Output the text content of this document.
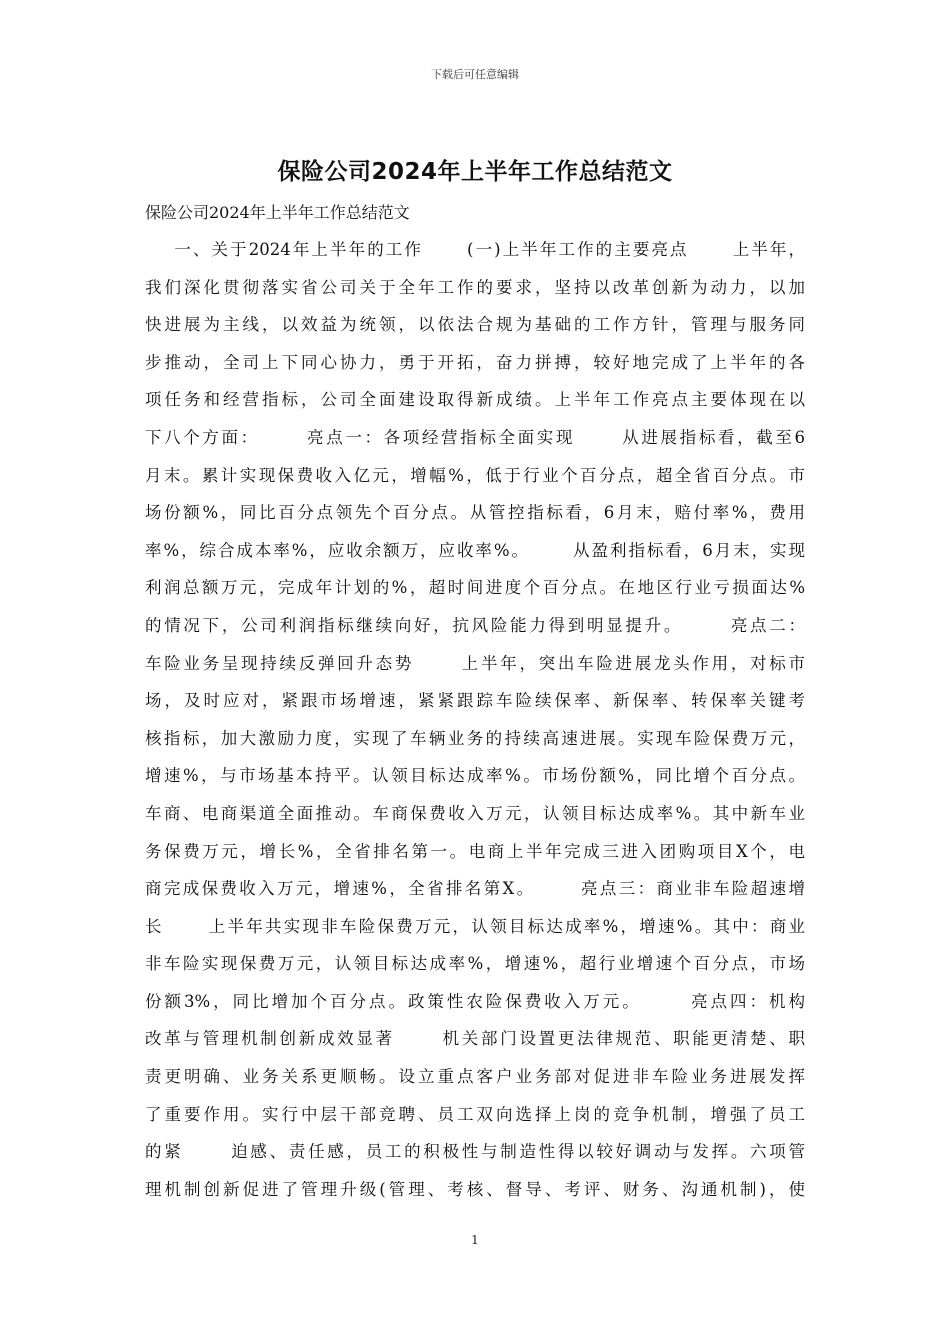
下载后可任意编辑
保险公司2024年上半年工作总结范文
保险公司2024年上半年工作总结范文
一、关于2024年上半年的工作      (一)上半年工作的主要亮点      上半年，
我们深化贯彻落实省公司关于全年工作的要求，坚持以改革创新为动力，以加
快进展为主线，以效益为统领，以依法合规为基础的工作方针，管理与服务同
步推动，全司上下同心协力，勇于开拓，奋力拼搏，较好地完成了上半年的各
项任务和经营指标，公司全面建设取得新成绩。上半年工作亮点主要体现在以
下八个方面：      亮点一：各项经营指标全面实现      从进展指标看，截至6
月末。累计实现保费收入亿元，增幅%，低于行业个百分点，超全省百分点。市
场份额%，同比百分点领先个百分点。从管控指标看，6月末，赔付率%，费用
率%，综合成本率%，应收余额万，应收率%。      从盈利指标看，6月末，实现
利润总额万元，完成年计划的%，超时间进度个百分点。在地区行业亏损面达%
的情况下，公司利润指标继续向好，抗风险能力得到明显提升。      亮点二：
车险业务呈现持续反弹回升态势      上半年，突出车险进展龙头作用，对标市
场，及时应对，紧跟市场增速，紧紧跟踪车险续保率、新保率、转保率关键考
核指标，加大激励力度，实现了车辆业务的持续高速进展。实现车险保费万元，
增速%，与市场基本持平。认领目标达成率%。市场份额%，同比增个百分点。
车商、电商渠道全面推动。车商保费收入万元，认领目标达成率%。其中新车业
务保费万元，增长%，全省排名第一。电商上半年完成三进入团购项目X个，电
商完成保费收入万元，增速%，全省排名第X。      亮点三：商业非车险超速增
长      上半年共实现非车险保费万元，认领目标达成率%，增速%。其中：商业
非车险实现保费万元，认领目标达成率%，增速%，超行业增速个百分点，市场
份额3%，同比增加个百分点。政策性农险保费收入万元。      亮点四：机构
改革与管理机制创新成效显著      机关部门设置更法律规范、职能更清楚、职
责更明确、业务关系更顺畅。设立重点客户业务部对促进非车险业务进展发挥
了重要作用。实行中层干部竞聘、员工双向选择上岗的竞争机制，增强了员工
的紧      迫感、责任感，员工的积极性与制造性得以较好调动与发挥。六项管
理机制创新促进了管理升级(管理、考核、督导、考评、财务、沟通机制)，使
1
